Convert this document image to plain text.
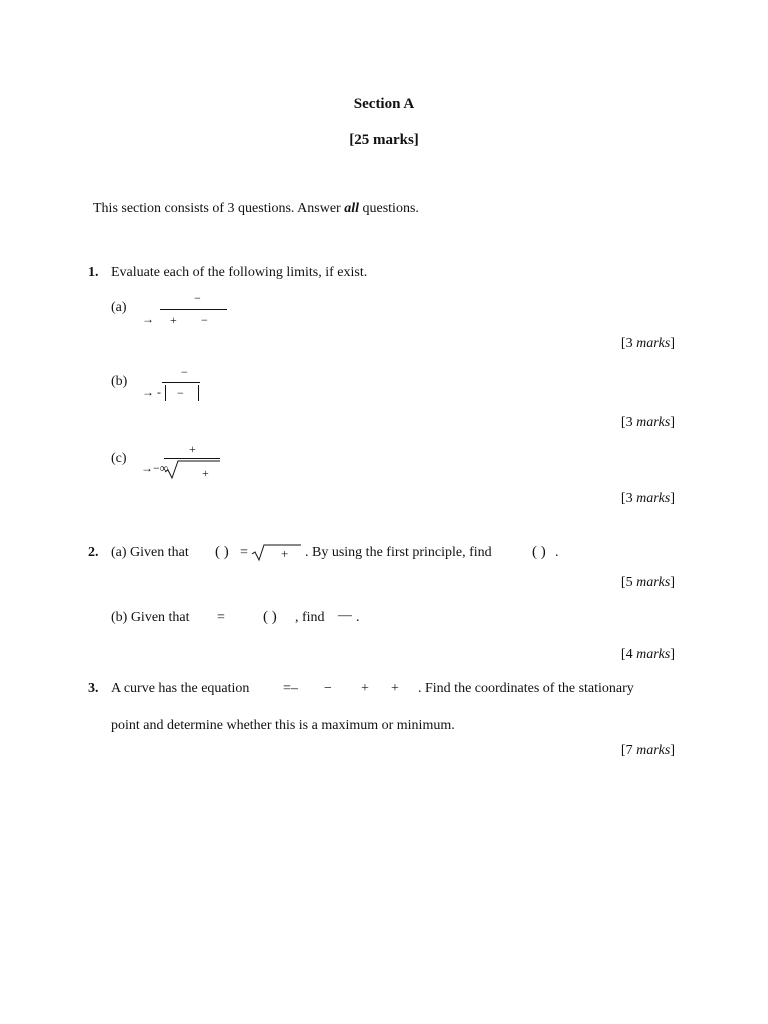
Section A
[25 marks]
This section consists of 3 questions. Answer all questions.
1. Evaluate each of the following limits, if exist.
(a)
−
→ + −
[3 marks]
(b)
−
→ - −
[3 marks]
(c)
+
→−∞	+
[3 marks]
2. (a) Given that ( ) =	+ . By using the first principle, find	( ) .
[5 marks]
(b) Given that =	( ) , find — .
[4 marks]
3. A curve has the equation =– − + + . Find the coordinates of the stationary
point and determine whether this is a maximum or minimum.
[7 marks]
